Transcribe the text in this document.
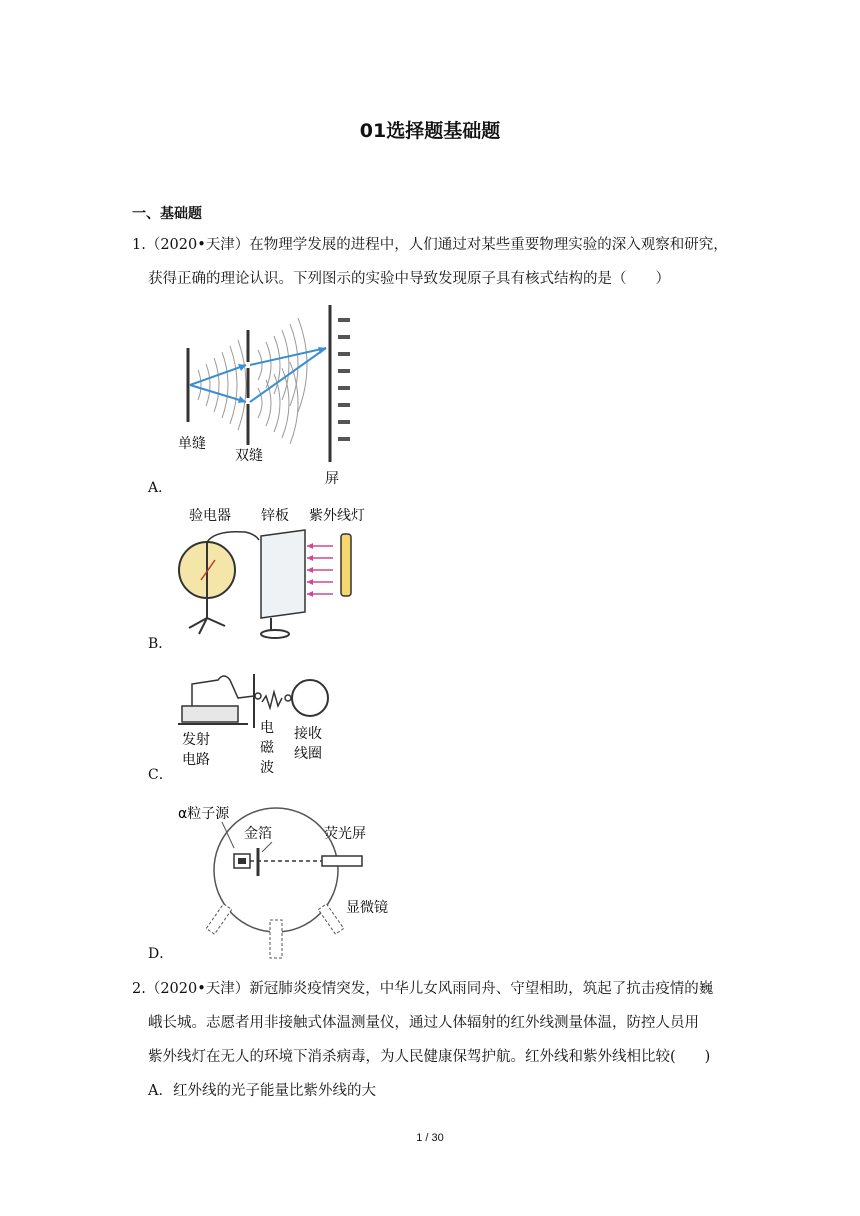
01选择题基础题
一、基础题
1.（2020•天津）在物理学发展的进程中，人们通过对某些重要物理实验的深入观察和研究，
获得正确的理论认识。下列图示的实验中导致发现原子具有核式结构的是（　　）
单缝
双缝
屏
A．
验电器 锌板 紫外线灯
B．
发射
电路
电
磁
波
接收
线圈
C．
α粒子源
金箔	荧光屏
显微镜
D．
2.（2020•天津）新冠肺炎疫情突发，中华儿女风雨同舟、守望相助，筑起了抗击疫情的巍
峨长城。志愿者用非接触式体温测量仪，通过人体辐射的红外线测量体温，防控人员用
紫外线灯在无人的环境下消杀病毒，为人民健康保驾护航。红外线和紫外线相比较(　　)
A．红外线的光子能量比紫外线的大
1 / 30
